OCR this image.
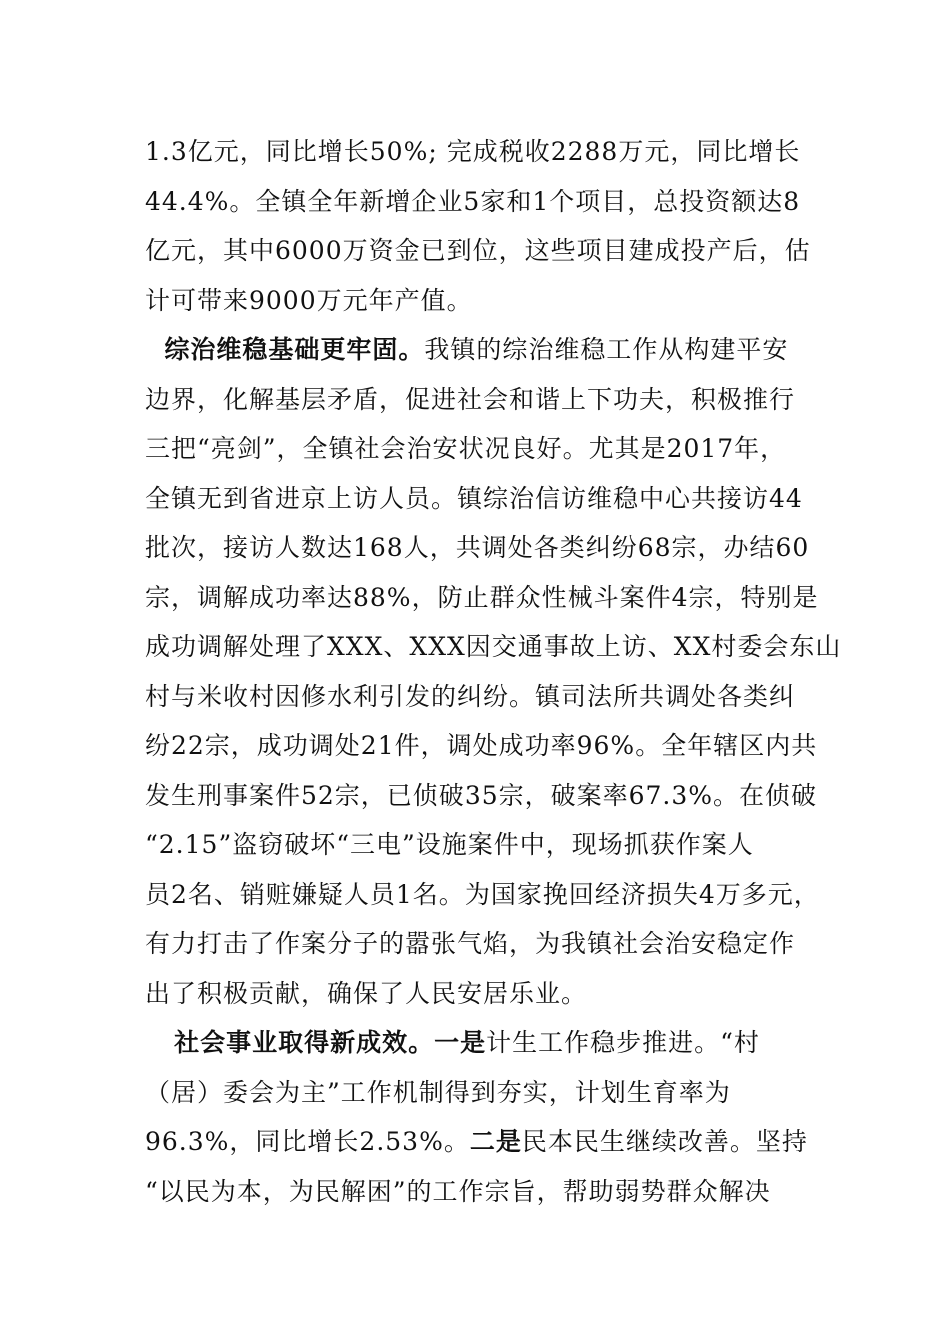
1.3亿元，同比增长50%; 完成税收2288万元，同比增长
44.4%。全镇全年新增企业5家和1个项目，总投资额达8
亿元，其中6000万资金已到位，这些项目建成投产后，估
计可带来9000万元年产值。
综治维稳基础更牢固。我镇的综治维稳工作从构建平安
边界，化解基层矛盾，促进社会和谐上下功夫，积极推行
三把“亮剑”，全镇社会治安状况良好。尤其是2017年，
全镇无到省进京上访人员。镇综治信访维稳中心共接访44
批次，接访人数达168人，共调处各类纠纷68宗，办结60
宗，调解成功率达88%，防止群众性械斗案件4宗，特别是
成功调解处理了XXX、XXX因交通事故上访、XX村委会东山
村与米收村因修水利引发的纠纷。镇司法所共调处各类纠
纷22宗，成功调处21件，调处成功率96%。全年辖区内共
发生刑事案件52宗，已侦破35宗，破案率67.3%。在侦破
“2.15”盗窃破坏“三电”设施案件中，现场抓获作案人
员2名、销赃嫌疑人员1名。为国家挽回经济损失4万多元，
有力打击了作案分子的嚣张气焰，为我镇社会治安稳定作
出了积极贡献，确保了人民安居乐业。
社会事业取得新成效。一是计生工作稳步推进。“村
（居）委会为主”工作机制得到夯实，计划生育率为
96.3%，同比增长2.53%。二是民本民生继续改善。坚持
“以民为本，为民解困”的工作宗旨，帮助弱势群众解决
